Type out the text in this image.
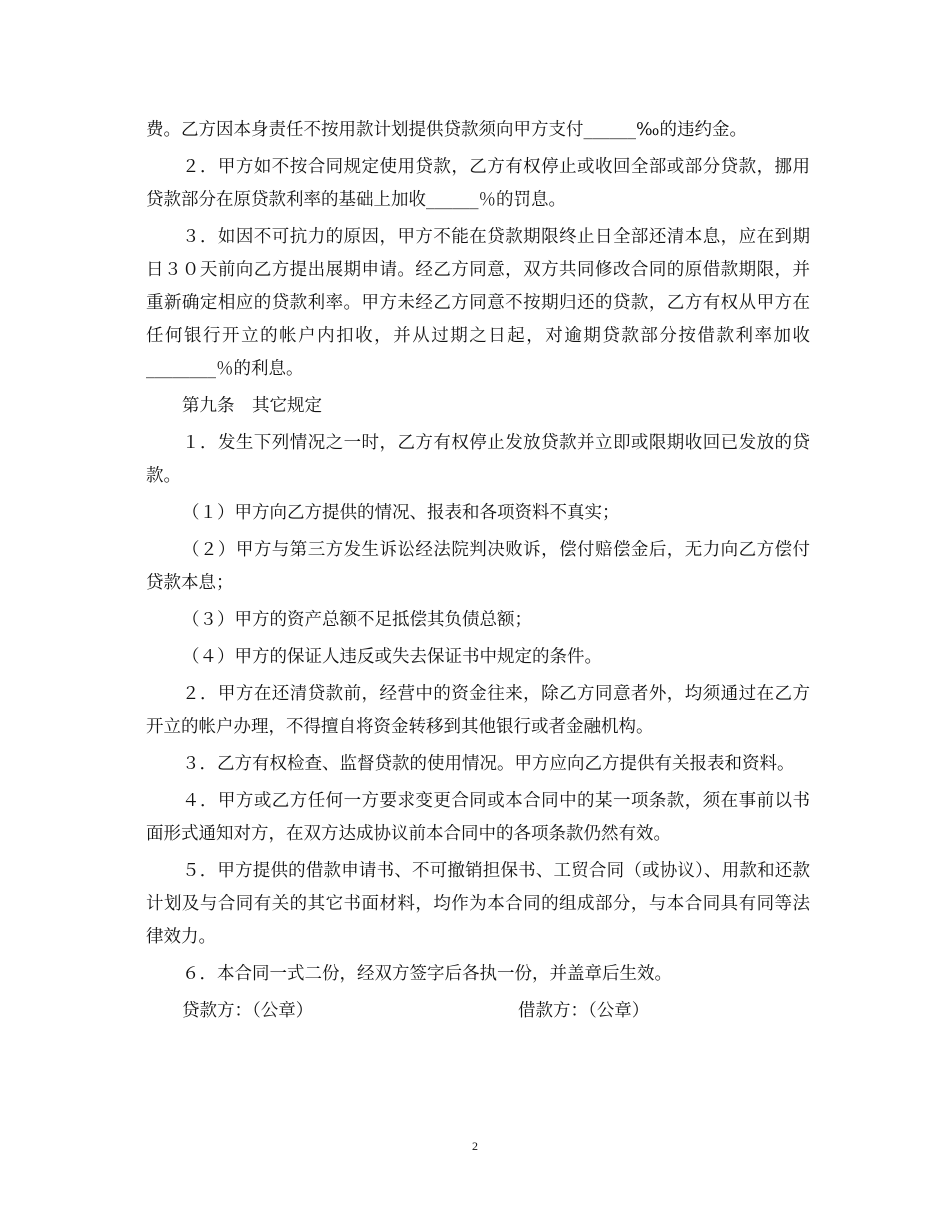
费。乙方因本身责任不按用款计划提供贷款须向甲方支付______‰的违约金。

２．甲方如不按合同规定使用贷款，乙方有权停止或收回全部或部分贷款，挪用贷款部分在原贷款利率的基础上加收______％的罚息。

３．如因不可抗力的原因，甲方不能在贷款期限终止日全部还清本息，应在到期日３０天前向乙方提出展期申请。经乙方同意，双方共同修改合同的原借款期限，并重新确定相应的贷款利率。甲方未经乙方同意不按期归还的贷款，乙方有权从甲方在任何银行开立的帐户内扣收，并从过期之日起，对逾期贷款部分按借款利率加收________％的利息。

第九条　其它规定

１．发生下列情况之一时，乙方有权停止发放贷款并立即或限期收回已发放的贷款。

（１）甲方向乙方提供的情况、报表和各项资料不真实；

（２）甲方与第三方发生诉讼经法院判决败诉，偿付赔偿金后，无力向乙方偿付贷款本息；

（３）甲方的资产总额不足抵偿其负债总额；

（４）甲方的保证人违反或失去保证书中规定的条件。

２．甲方在还清贷款前，经营中的资金往来，除乙方同意者外，均须通过在乙方开立的帐户办理，不得擅自将资金转移到其他银行或者金融机构。

３．乙方有权检查、监督贷款的使用情况。甲方应向乙方提供有关报表和资料。

４．甲方或乙方任何一方要求变更合同或本合同中的某一项条款，须在事前以书面形式通知对方，在双方达成协议前本合同中的各项条款仍然有效。

５．甲方提供的借款申请书、不可撤销担保书、工贸合同（或协议）、用款和还款计划及与合同有关的其它书面材料，均作为本合同的组成部分，与本合同具有同等法律效力。

６．本合同一式二份，经双方签字后各执一份，并盖章后生效。

贷款方：（公章）	借款方：（公章）
2
